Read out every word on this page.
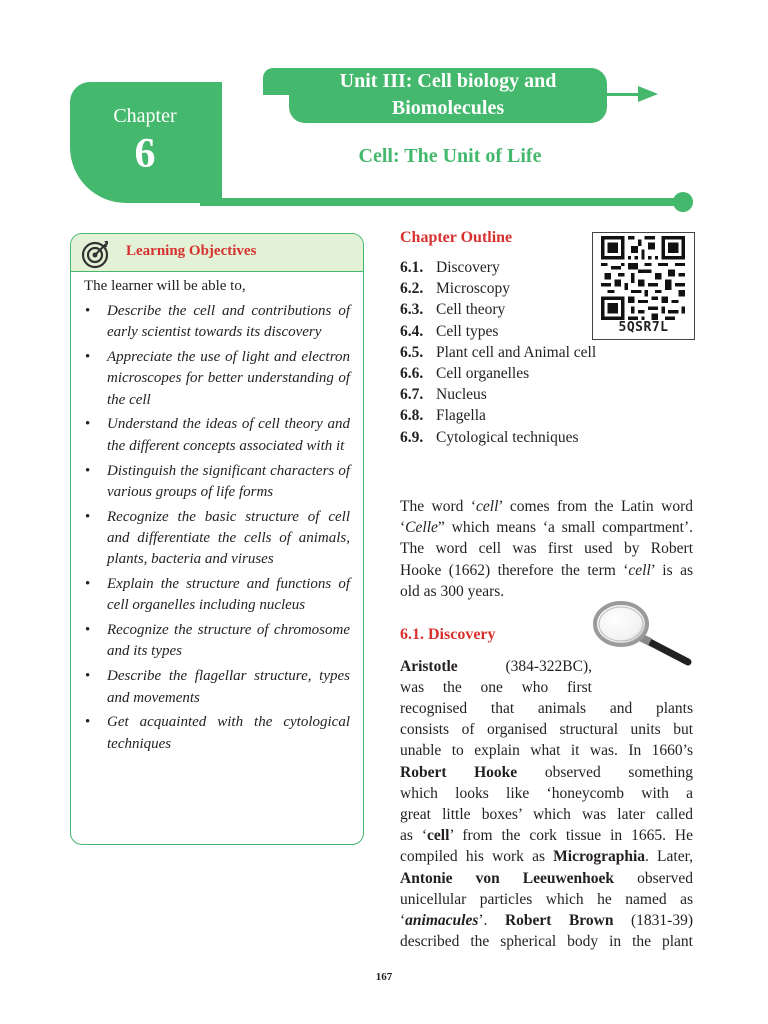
Chapter
6
Unit III: Cell biology and
Biomolecules
Cell: The Unit of Life
Learning Objectives
The learner will be able to,
• Describe the cell and contributions of early scientist towards its discovery
• Appreciate the use of light and electron microscopes for better understanding of the cell
• Understand the ideas of cell theory and the different concepts associated with it
• Distinguish the significant characters of various groups of life forms
• Recognize the basic structure of cell and differentiate the cells of animals, plants, bacteria and viruses
• Explain the structure and functions of cell organelles including nucleus
• Recognize the structure of chromosome and its types
• Describe the flagellar structure, types and movements
• Get acquainted with the cytological techniques
Chapter Outline
6.1. Discovery
6.2. Microscopy
6.3. Cell theory
6.4. Cell types
6.5. Plant cell and Animal cell
6.6. Cell organelles
6.7. Nucleus
6.8. Flagella
6.9. Cytological techniques
5QSR7L
The word ‘cell’ comes from the Latin word
‘Celle” which means ‘a small compartment’.
The word cell was first used by Robert
Hooke (1662) therefore the term ‘cell’ is as
old as 300 years.
6.1. Discovery
Aristotle	(384-322BC),
was the one who first
recognised that animals and plants
consists of organised structural units but
unable to explain what it was. In 1660’s
Robert Hooke observed something
which looks like ‘honeycomb with a
great little boxes’ which was later called
as ‘cell’ from the cork tissue in 1665. He
compiled his work as Micrographia. Later,
Antonie von Leeuwenhoek observed
unicellular particles which he named as
‘animacules’. Robert Brown (1831-39)
described the spherical body in the plant
167
